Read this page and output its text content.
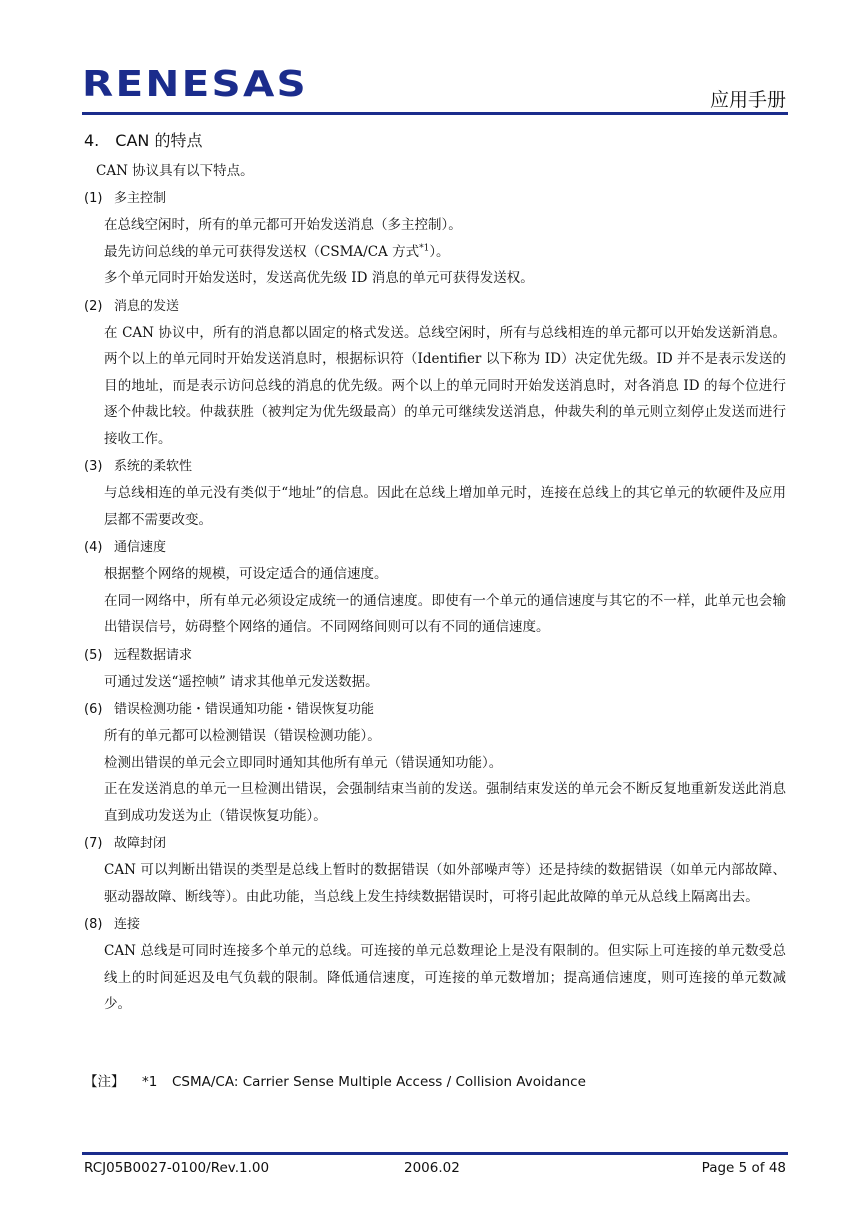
RENESAS	应用手册
4. CAN 的特点
CAN 协议具有以下特点。
(1) 多主控制
在总线空闲时，所有的单元都可开始发送消息（多主控制）。
最先访问总线的单元可获得发送权（CSMA/CA 方式$^{*1}$）。
多个单元同时开始发送时，发送高优先级 ID 消息的单元可获得发送权。
(2) 消息的发送
在 CAN 协议中，所有的消息都以固定的格式发送。总线空闲时，所有与总线相连的单元都可以开始发送新消息。两个以上的单元同时开始发送消息时，根据标识符（Identifier 以下称为 ID）决定优先级。ID 并不是表示发送的目的地址，而是表示访问总线的消息的优先级。两个以上的单元同时开始发送消息时，对各消息 ID 的每个位进行逐个仲裁比较。仲裁获胜（被判定为优先级最高）的单元可继续发送消息，仲裁失利的单元则立刻停止发送而进行接收工作。
(3) 系统的柔软性
与总线相连的单元没有类似于“地址”的信息。因此在总线上增加单元时，连接在总线上的其它单元的软硬件及应用层都不需要改变。
(4) 通信速度
根据整个网络的规模，可设定适合的通信速度。
在同一网络中，所有单元必须设定成统一的通信速度。即使有一个单元的通信速度与其它的不一样，此单元也会输出错误信号，妨碍整个网络的通信。不同网络间则可以有不同的通信速度。
(5) 远程数据请求
可通过发送“遥控帧” 请求其他单元发送数据。
(6) 错误检测功能・错误通知功能・错误恢复功能
所有的单元都可以检测错误（错误检测功能）。
检测出错误的单元会立即同时通知其他所有单元（错误通知功能）。
正在发送消息的单元一旦检测出错误，会强制结束当前的发送。强制结束发送的单元会不断反复地重新发送此消息直到成功发送为止（错误恢复功能）。
(7) 故障封闭
CAN 可以判断出错误的类型是总线上暂时的数据错误（如外部噪声等）还是持续的数据错误（如单元内部故障、驱动器故障、断线等）。由此功能，当总线上发生持续数据错误时，可将引起此故障的单元从总线上隔离出去。
(8) 连接
CAN 总线是可同时连接多个单元的总线。可连接的单元总数理论上是没有限制的。但实际上可连接的单元数受总线上的时间延迟及电气负载的限制。降低通信速度，可连接的单元数增加；提高通信速度，则可连接的单元数减少。
【注】 *1 CSMA/CA: Carrier Sense Multiple Access / Collision Avoidance
RCJ05B0027-0100/Rev.1.00	2006.02	Page 5 of 48
